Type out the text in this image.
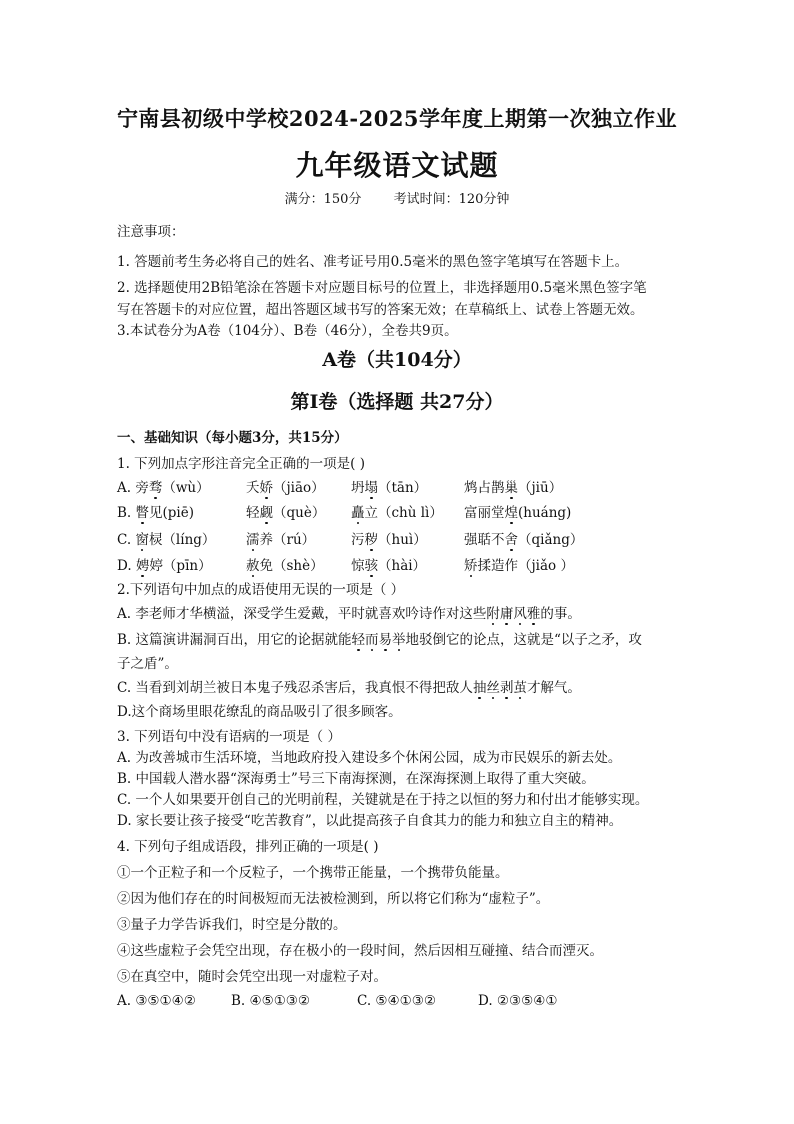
宁南县初级中学校2024-2025学年度上期第一次独立作业
九年级语文试题
满分：150分 考试时间：120分钟
注意事项：
1. 答题前考生务必将自己的姓名、准考证号用0.5毫米的黑色签字笔填写在答题卡上。
2. 选择题使用2B铅笔涂在答题卡对应题目标号的位置上，非选择题用0.5毫米黑色签字笔
写在答题卡的对应位置，超出答题区域书写的答案无效；在草稿纸上、试卷上答题无效。
3.本试卷分为A卷（104分）、B卷（46分），全卷共9页。
A卷（共104分）
第Ⅰ卷（选择题 共27分）
一、基础知识（每小题3分，共15分）
1. 下列加点字形注音完全正确的一项是( )
A. 旁骛（wù）	夭娇（jiāo） 坍塌（tān）	鸩占鹊巢（jiū）
B. 瞥见(piē)	轻觑（què） 矗立（chù lì） 富丽堂煌(huáng)
C. 窗棂（líng） 濡养（rú）	污秽（huì）	强聒不舍（qiǎng）
D. 娉婷（pīn）	赦免（shè） 惊骇（hài）	矫揉造作（jiǎo ）
2.下列语句中加点的成语使用无误的一项是（ ）
A. 李老师才华横溢，深受学生爱戴，平时就喜欢吟诗作对这些附庸风雅的事。
B. 这篇演讲漏洞百出，用它的论据就能轻而易举地驳倒它的论点，这就是“以子之矛，攻
子之盾”。
C. 当看到刘胡兰被日本鬼子残忍杀害后，我真恨不得把敌人抽丝剥茧才解气。
D.这个商场里眼花缭乱的商品吸引了很多顾客。
3. 下列语句中没有语病的一项是（ ）
A. 为改善城市生活环境，当地政府投入建设多个休闲公园，成为市民娱乐的新去处。
B. 中国载人潜水器“深海勇士”号三下南海探测，在深海探测上取得了重大突破。
C. 一个人如果要开创自己的光明前程，关键就是在于持之以恒的努力和付出才能够实现。
D. 家长要让孩子接受“吃苦教育”，以此提高孩子自食其力的能力和独立自主的精神。
4. 下列句子组成语段，排列正确的一项是( )
①一个正粒子和一个反粒子，一个携带正能量，一个携带负能量。
②因为他们存在的时间极短而无法被检测到，所以将它们称为“虚粒子”。
③量子力学告诉我们，时空是分散的。
④这些虚粒子会凭空出现，存在极小的一段时间，然后因相互碰撞、结合而湮灭。
⑤在真空中，随时会凭空出现一对虚粒子对。
A. ③⑤①④②	B. ④⑤①③②	C. ⑤④①③②	D. ②③⑤④①
